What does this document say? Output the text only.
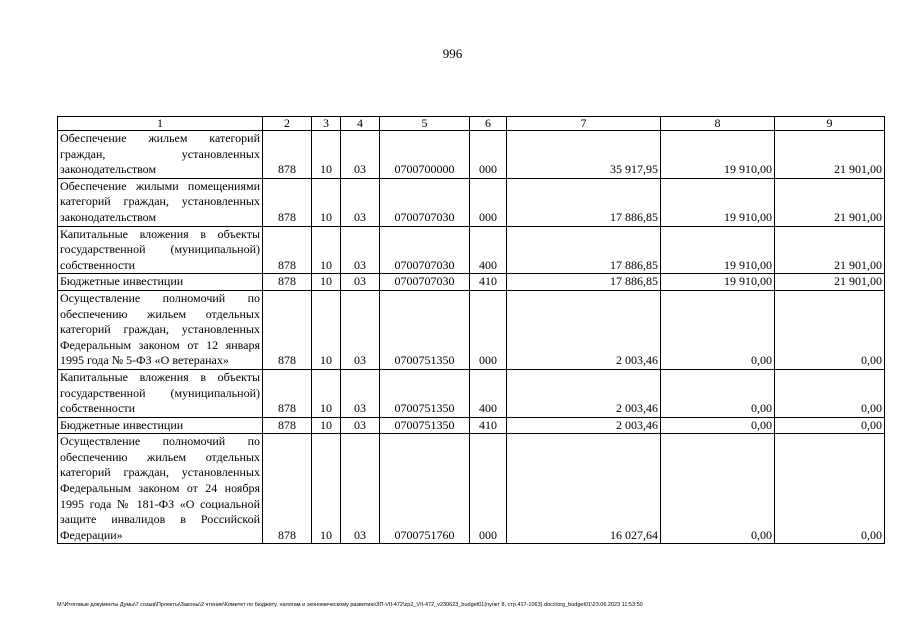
996
1	2	3	4	5	6	7	8	9
Обеспечение жильем категорий граждан, установленных законодательством	878	10	03	0700700000	000	35 917,95	19 910,00	21 901,00
Обеспечение жилыми помещениями категорий граждан, установленных законодательством	878	10	03	0700707030	000	17 886,85	19 910,00	21 901,00
Капитальные вложения в объекты государственной (муниципальной) собственности	878	10	03	0700707030	400	17 886,85	19 910,00	21 901,00
Бюджетные инвестиции	878	10	03	0700707030	410	17 886,85	19 910,00	21 901,00
Осуществление полномочий по обеспечению жильем отдельных категорий граждан, установленных Федеральным законом от 12 января 1995 года № 5-ФЗ «О ветеранах»	878	10	03	0700751350	000	2 003,46	0,00	0,00
Капитальные вложения в объекты государственной (муниципальной) собственности	878	10	03	0700751350	400	2 003,46	0,00	0,00
Бюджетные инвестиции	878	10	03	0700751350	410	2 003,46	0,00	0,00
Осуществление полномочий по обеспечению жильем отдельных категорий граждан, установленных Федеральным законом от 24 ноября 1995 года № 181-ФЗ «О социальной защите инвалидов в Российской Федерации»	878	10	03	0700751760	000	16 027,64	0,00	0,00
M:\Итоговые документы Думы\7 созыв\Проекты\Законы\2 чтение\Комитет по бюджету, налогам и экономическому развитию\ЗП-VII-472\zp2_VII-472_v230623_budget01(пункт 8, стр.417-1063).docx\org_budget01\23.06.2023 11:53:50
